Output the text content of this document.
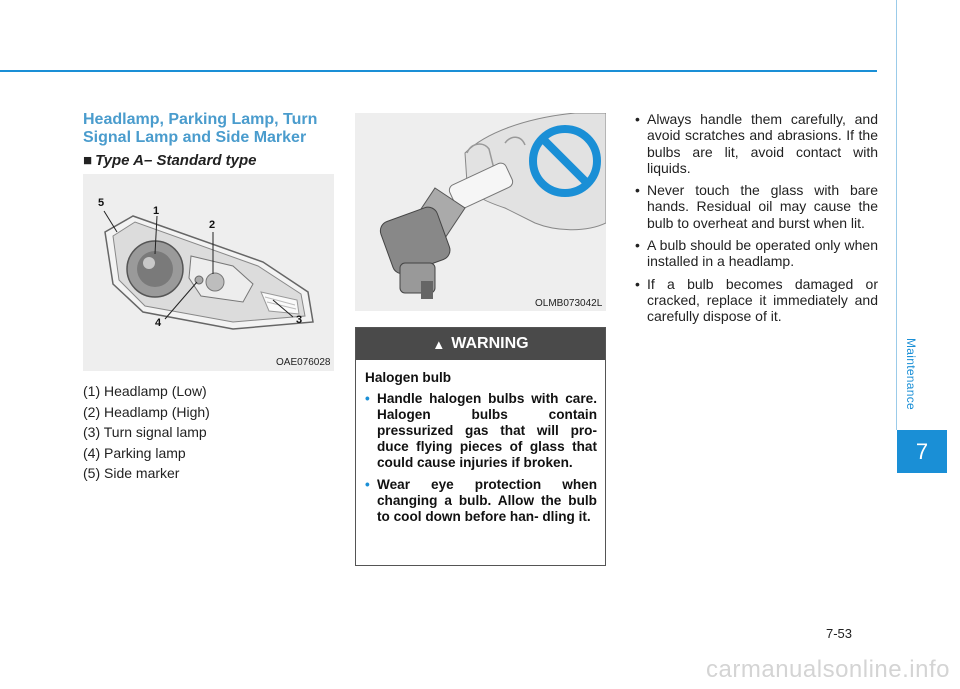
Headlamp, Parking Lamp, Turn
Signal Lamp and Side Marker
■ Type A– Standard type
5
1
2
3
4
OAE076028
(1) Headlamp (Low)
(2) Headlamp (High)
(3) Turn signal lamp
(4) Parking lamp
(5) Side marker
OLMB073042L
▲ WARNING
Halogen bulb
• Handle halogen bulbs with care. Halogen bulbs contain pressurized gas that will pro- duce flying pieces of glass that could cause injuries if broken.
• Wear eye protection when changing a bulb. Allow the bulb to cool down before han- dling it.
• Always handle them carefully, and avoid scratches and abrasions. If the bulbs are lit, avoid contact with liquids.
• Never touch the glass with bare hands. Residual oil may cause the bulb to overheat and burst when lit.
• A bulb should be operated only when installed in a headlamp.
• If a bulb becomes damaged or cracked, replace it immediately and carefully dispose of it.
Maintenance
7
7-53
carmanualsonline.info
